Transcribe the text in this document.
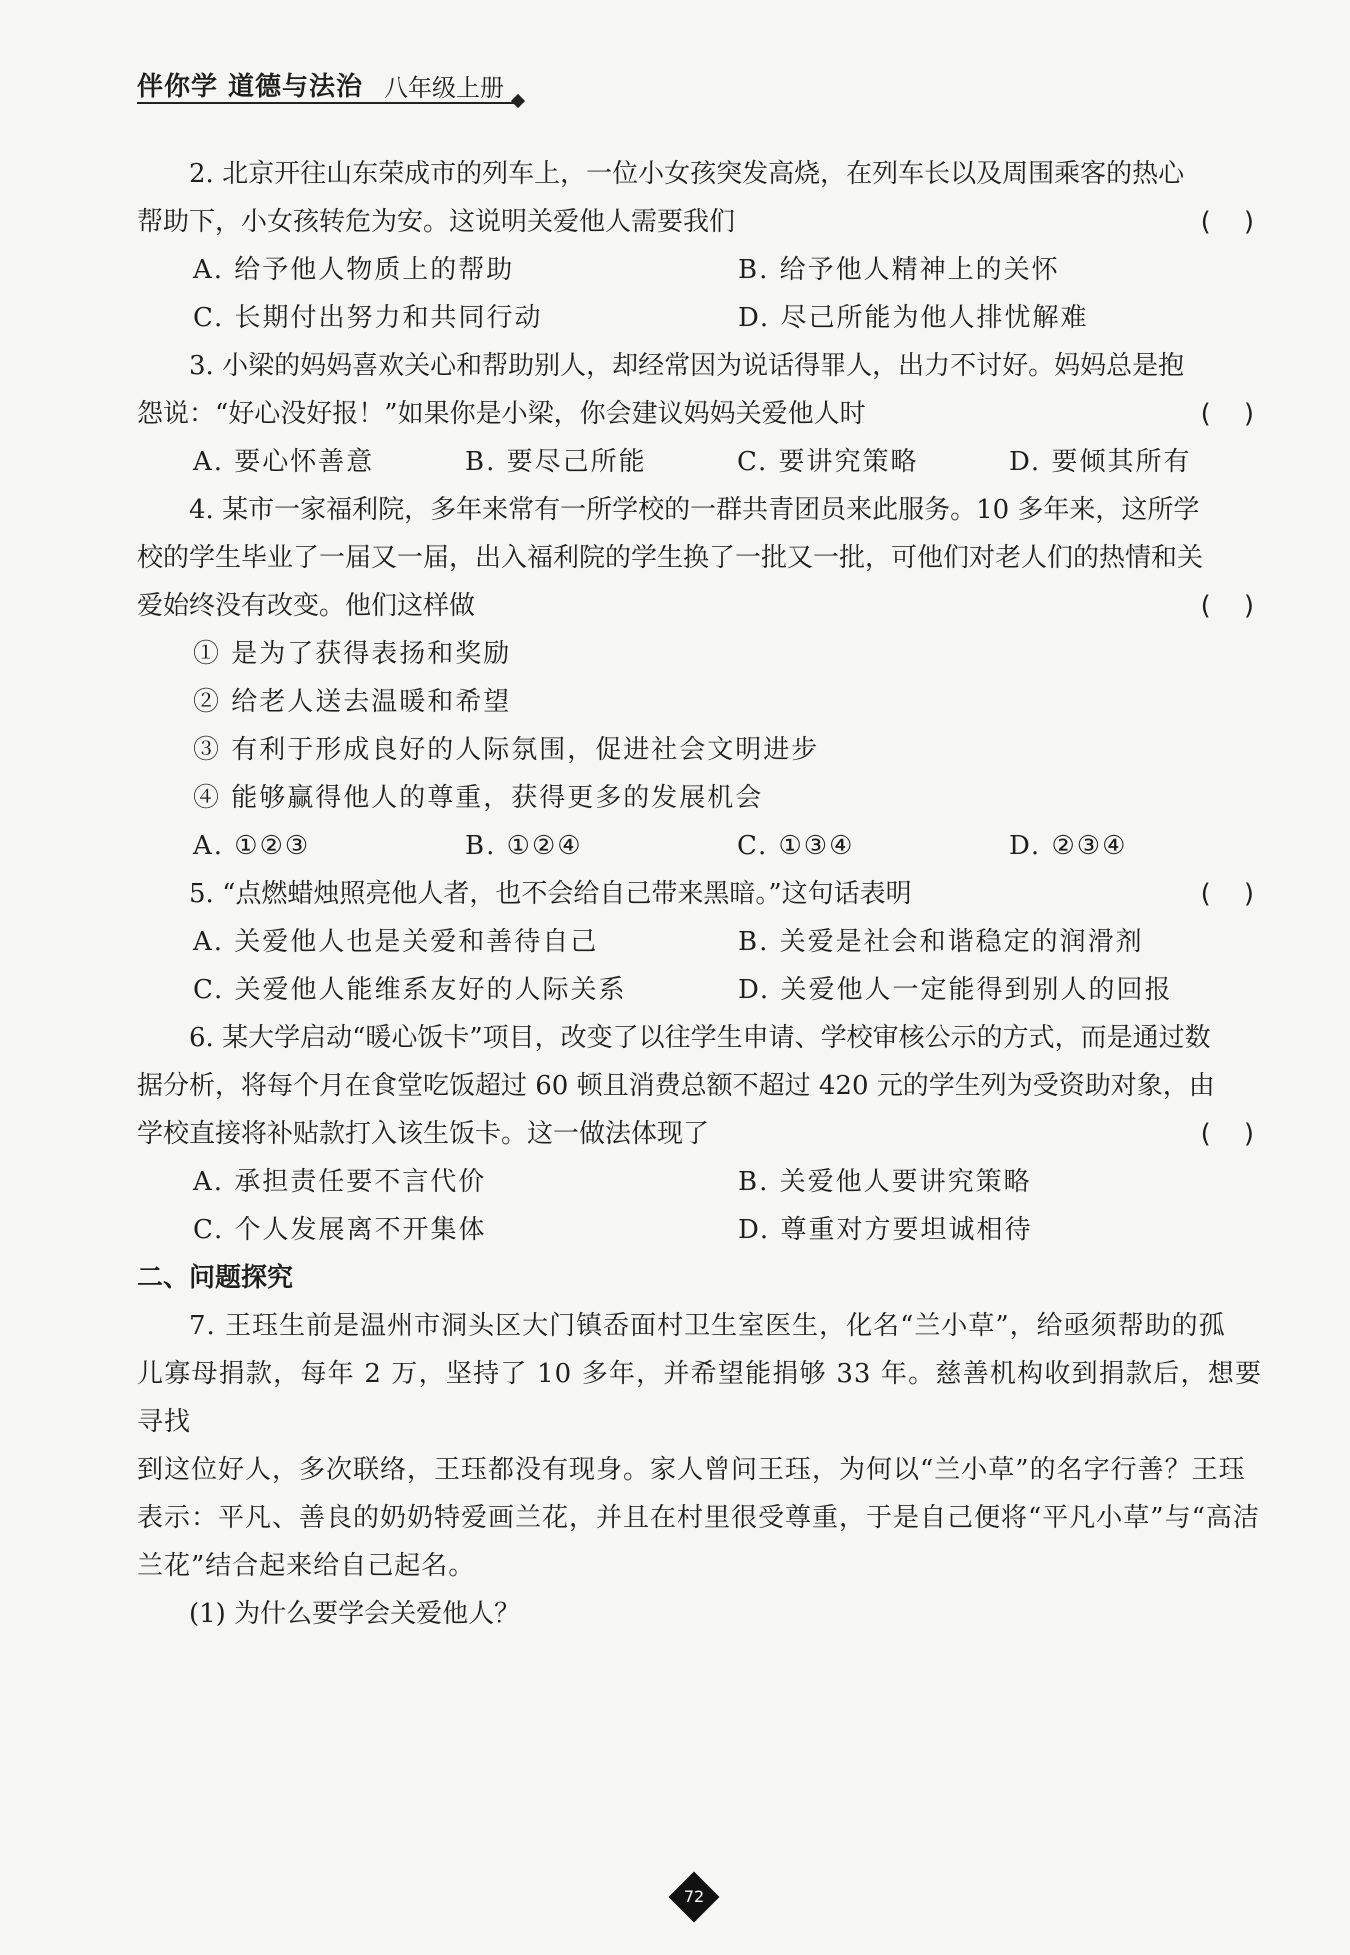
伴你学 道德与法治 八年级上册

2. 北京开往山东荣成市的列车上，一位小女孩突发高烧，在列车长以及周围乘客的热心

帮助下，小女孩转危为安。这说明关爱他人需要我们	(    )
A. 给予他人物质上的帮助	B. 给予他人精神上的关怀
C. 长期付出努力和共同行动	D. 尽己所能为他人排忧解难

3. 小梁的妈妈喜欢关心和帮助别人，却经常因为说话得罪人，出力不讨好。妈妈总是抱

怨说：“好心没好报！”如果你是小梁，你会建议妈妈关爱他人时	(    )
A. 要心怀善意	B. 要尽己所能	C. 要讲究策略	D. 要倾其所有

4. 某市一家福利院，多年来常有一所学校的一群共青团员来此服务。10 多年来，这所学

校的学生毕业了一届又一届，出入福利院的学生换了一批又一批，可他们对老人们的热情和关

爱始终没有改变。他们这样做	(    )
① 是为了获得表扬和奖励
② 给老人送去温暖和希望
③ 有利于形成良好的人际氛围，促进社会文明进步
④ 能够赢得他人的尊重，获得更多的发展机会
A. ①②③	B. ①②④	C. ①③④	D. ②③④
5. “点燃蜡烛照亮他人者，也不会给自己带来黑暗。”这句话表明	(    )
A. 关爱他人也是关爱和善待自己	B. 关爱是社会和谐稳定的润滑剂
C. 关爱他人能维系友好的人际关系	D. 关爱他人一定能得到别人的回报

6. 某大学启动“暖心饭卡”项目，改变了以往学生申请、学校审核公示的方式，而是通过数

据分析，将每个月在食堂吃饭超过 60 顿且消费总额不超过 420 元的学生列为受资助对象，由

学校直接将补贴款打入该生饭卡。这一做法体现了	(    )
A. 承担责任要不言代价	B. 关爱他人要讲究策略
C. 个人发展离不开集体	D. 尊重对方要坦诚相待

二、问题探究

7. 王珏生前是温州市洞头区大门镇岙面村卫生室医生，化名“兰小草”，给亟须帮助的孤

儿寡母捐款，每年 2 万，坚持了 10 多年，并希望能捐够 33 年。慈善机构收到捐款后，想要寻找

到这位好人，多次联络，王珏都没有现身。家人曾问王珏，为何以“兰小草”的名字行善？王珏

表示：平凡、善良的奶奶特爱画兰花，并且在村里很受尊重，于是自己便将“平凡小草”与“高洁

兰花”结合起来给自己起名。

(1) 为什么要学会关爱他人？

72
